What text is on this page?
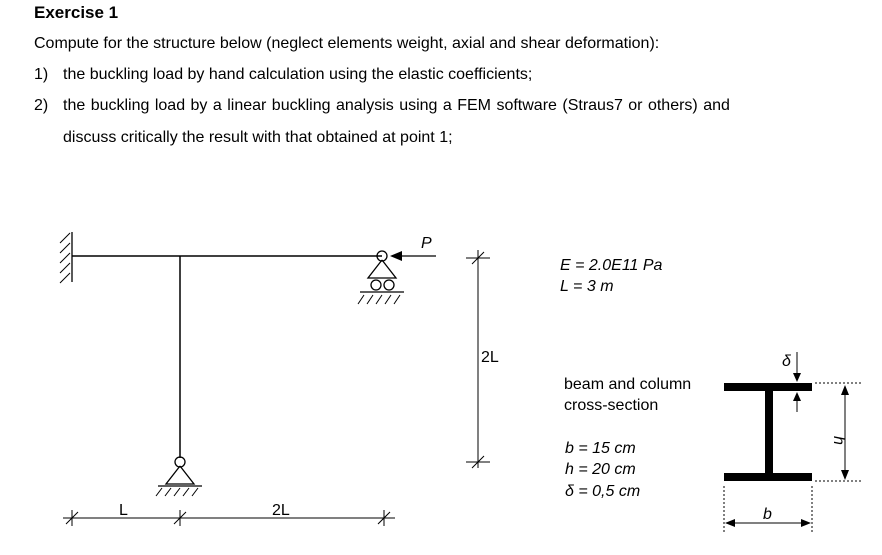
Exercise 1
Compute for the structure below (neglect elements weight, axial and shear deformation):
1) the buckling load by hand calculation using the elastic coefficients;
2) the buckling load by a linear buckling analysis using a FEM software (Straus7 or others) and
discuss critically the result with that obtained at point 1;
P
2L
L	2L
E = 2.0E11 Pa
L = 3 m
beam and column
cross-section
b = 15 cm
h = 20 cm
δ = 0,5 cm
δ
h
b
